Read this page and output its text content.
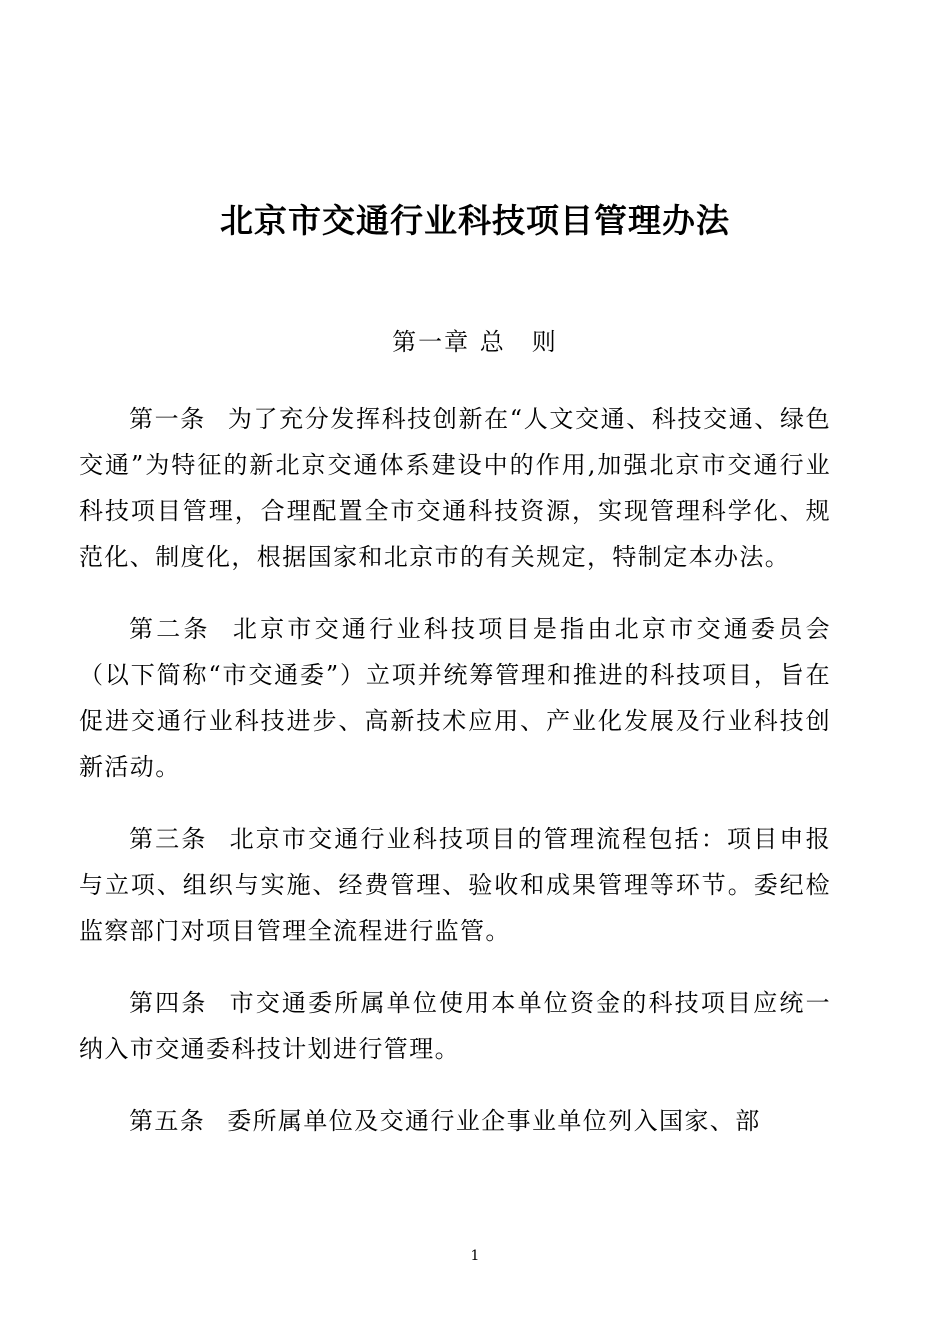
北京市交通行业科技项目管理办法
第一章 总　则

第一条 为了充分发挥科技创新在“人文交通、科技交通、绿色交通”为特征的新北京交通体系建设中的作用,加强北京市交通行业科技项目管理，合理配置全市交通科技资源，实现管理科学化、规范化、制度化，根据国家和北京市的有关规定，特制定本办法。

第二条 北京市交通行业科技项目是指由北京市交通委员会（以下简称“市交通委”）立项并统筹管理和推进的科技项目，旨在促进交通行业科技进步、高新技术应用、产业化发展及行业科技创新活动。

第三条 北京市交通行业科技项目的管理流程包括：项目申报与立项、组织与实施、经费管理、验收和成果管理等环节。委纪检监察部门对项目管理全流程进行监管。

第四条 市交通委所属单位使用本单位资金的科技项目应统一纳入市交通委科技计划进行管理。

第五条 委所属单位及交通行业企事业单位列入国家、部

1
